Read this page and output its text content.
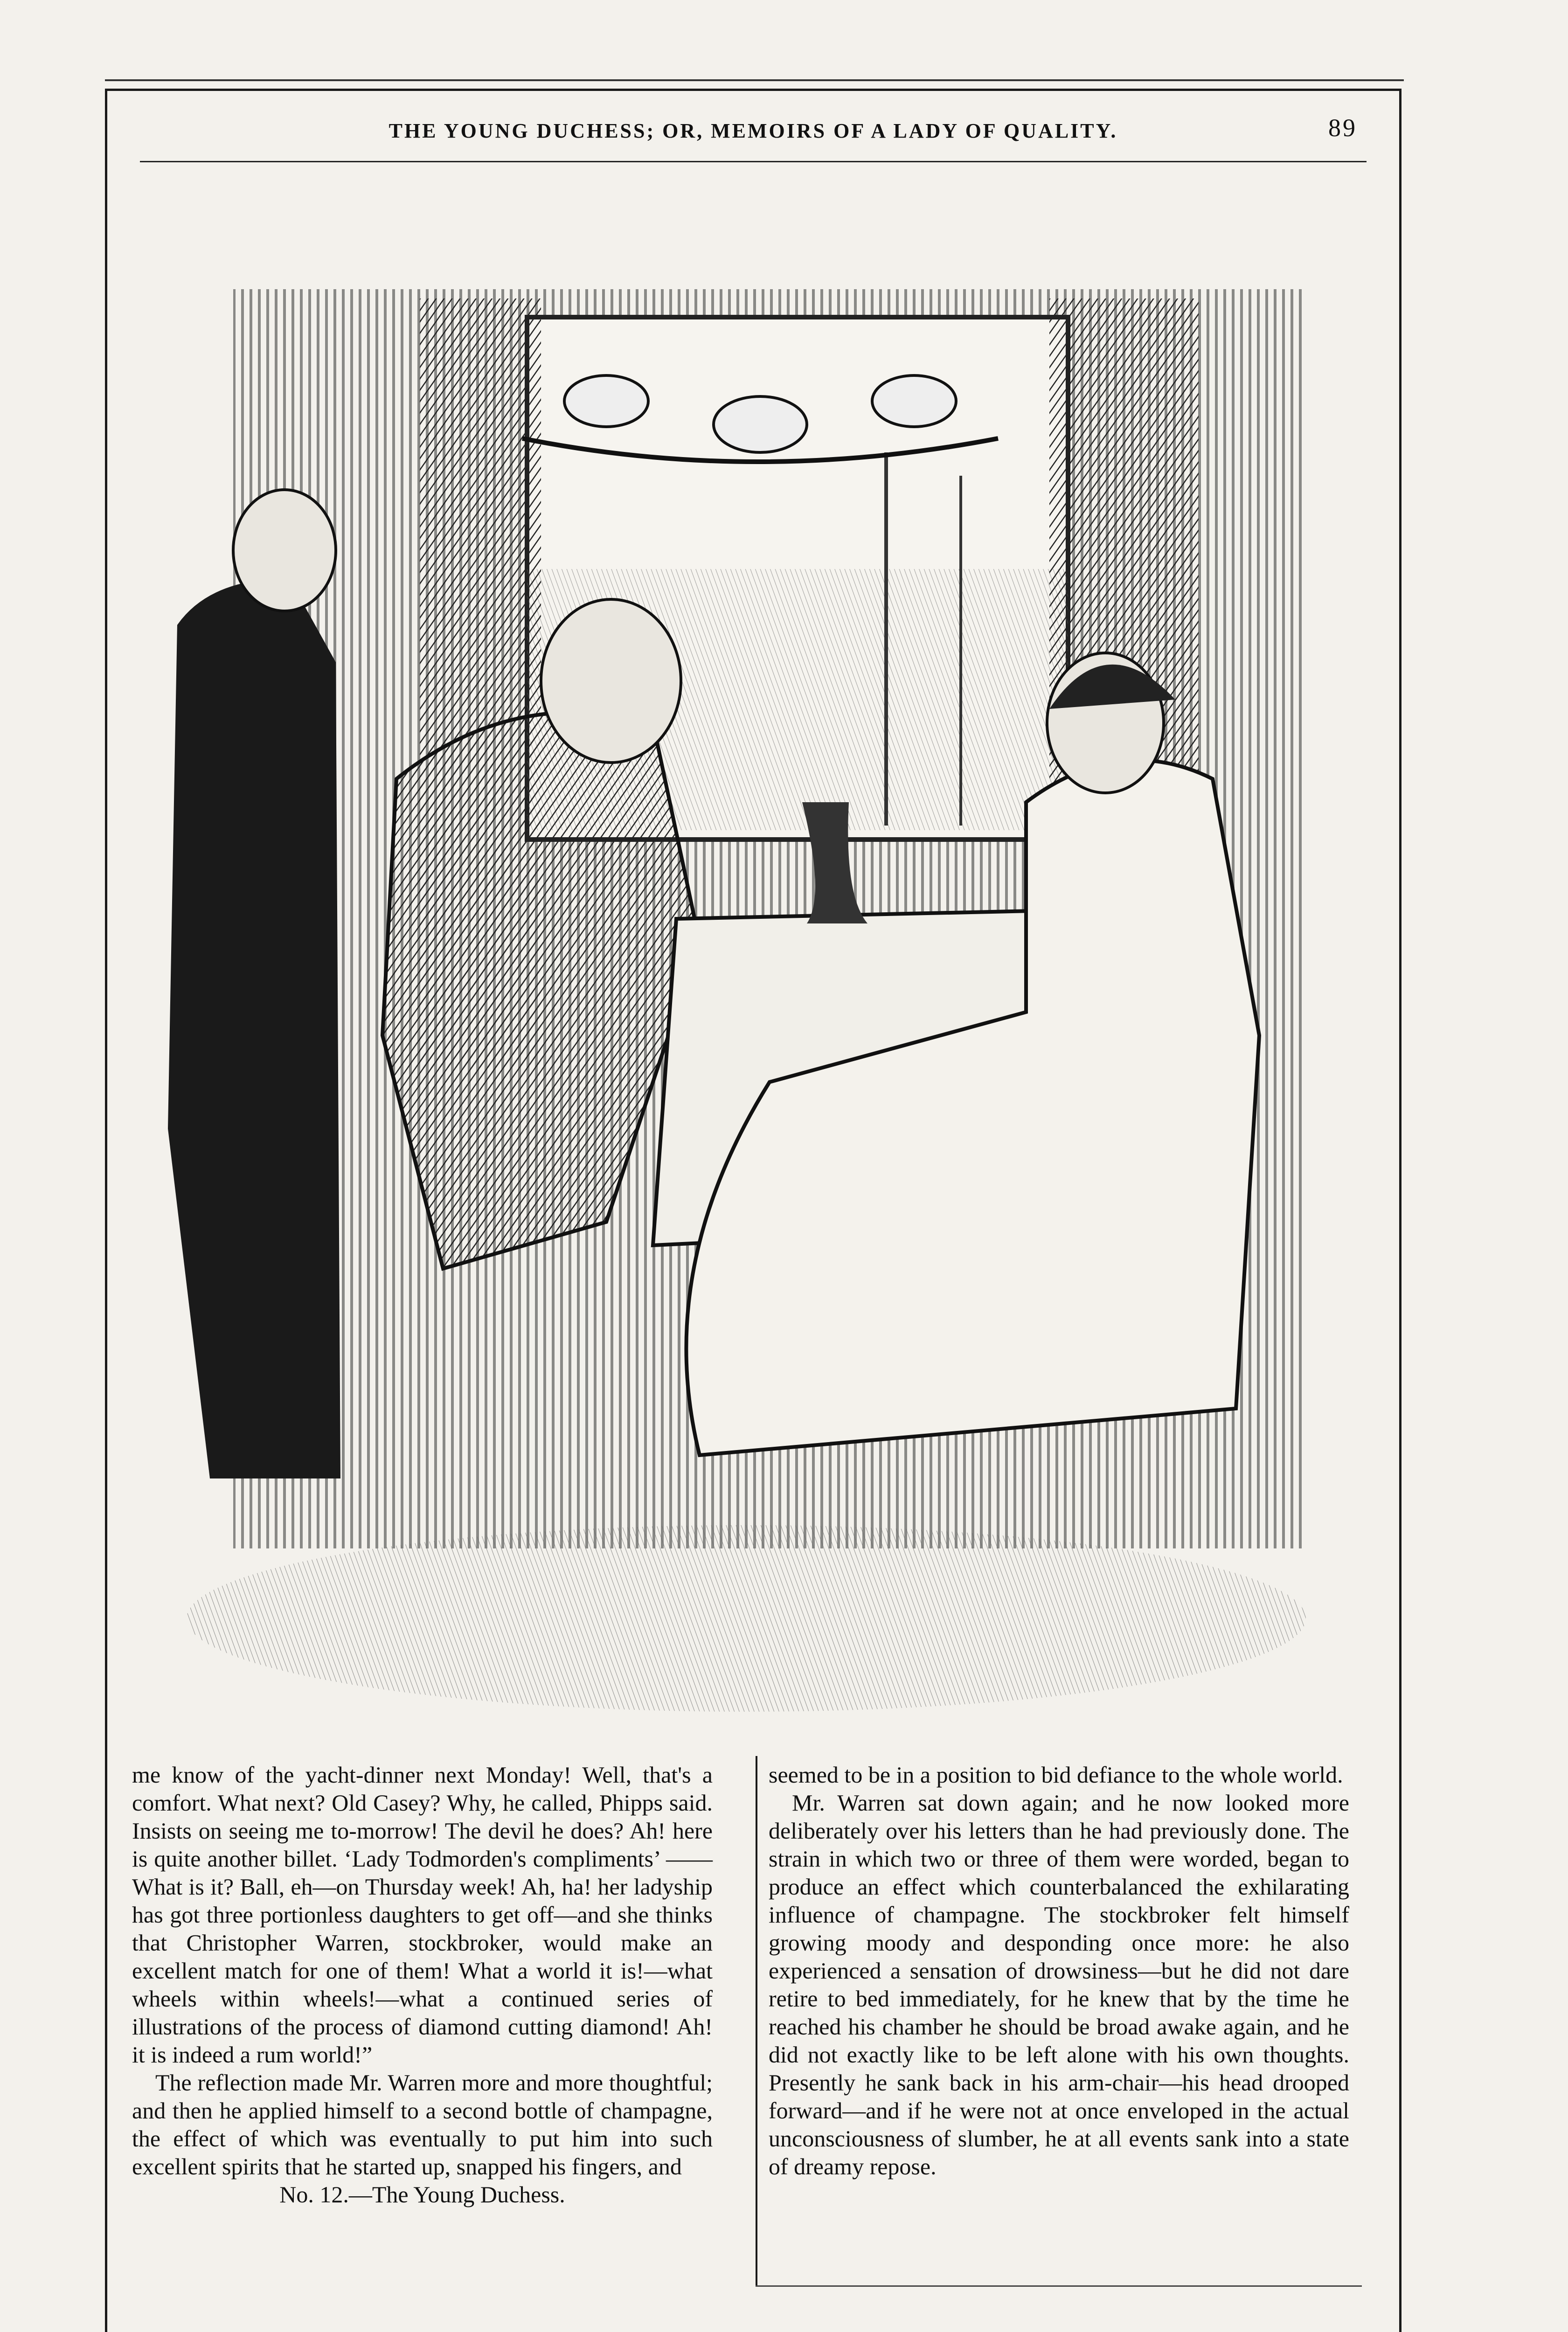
THE YOUNG DUCHESS; OR, MEMOIRS OF A LADY OF QUALITY.	89

me know of the yacht-dinner next Monday! Well, that's a comfort. What next? Old Casey? Why, he called, Phipps said. Insists on seeing me to-morrow! The devil he does? Ah! here is quite another billet. ‘Lady Todmorden's compliments’ ——What is it? Ball, eh—on Thursday week! Ah, ha! her ladyship has got three portionless daughters to get off—and she thinks that Christopher Warren, stockbroker, would make an excellent match for one of them! What a world it is!—what wheels within wheels!—what a continued series of illustrations of the process of diamond cutting diamond! Ah! it is indeed a rum world!”

The reflection made Mr. Warren more and more thoughtful; and then he applied himself to a second bottle of champagne, the effect of which was eventually to put him into such excellent spirits that he started up, snapped his fingers, and

No. 12.—The Young Duchess.

seemed to be in a position to bid defiance to the whole world.

Mr. Warren sat down again; and he now looked more deliberately over his letters than he had previously done. The strain in which two or three of them were worded, began to produce an effect which counterbalanced the exhilarating influence of champagne. The stockbroker felt himself growing moody and desponding once more: he also experienced a sensation of drowsiness—but he did not dare retire to bed immediately, for he knew that by the time he reached his chamber he should be broad awake again, and he did not exactly like to be left alone with his own thoughts. Presently he sank back in his arm-chair—his head drooped forward—and if he were not at once enveloped in the actual unconsciousness of slumber, he at all events sank into a state of dreamy repose.
